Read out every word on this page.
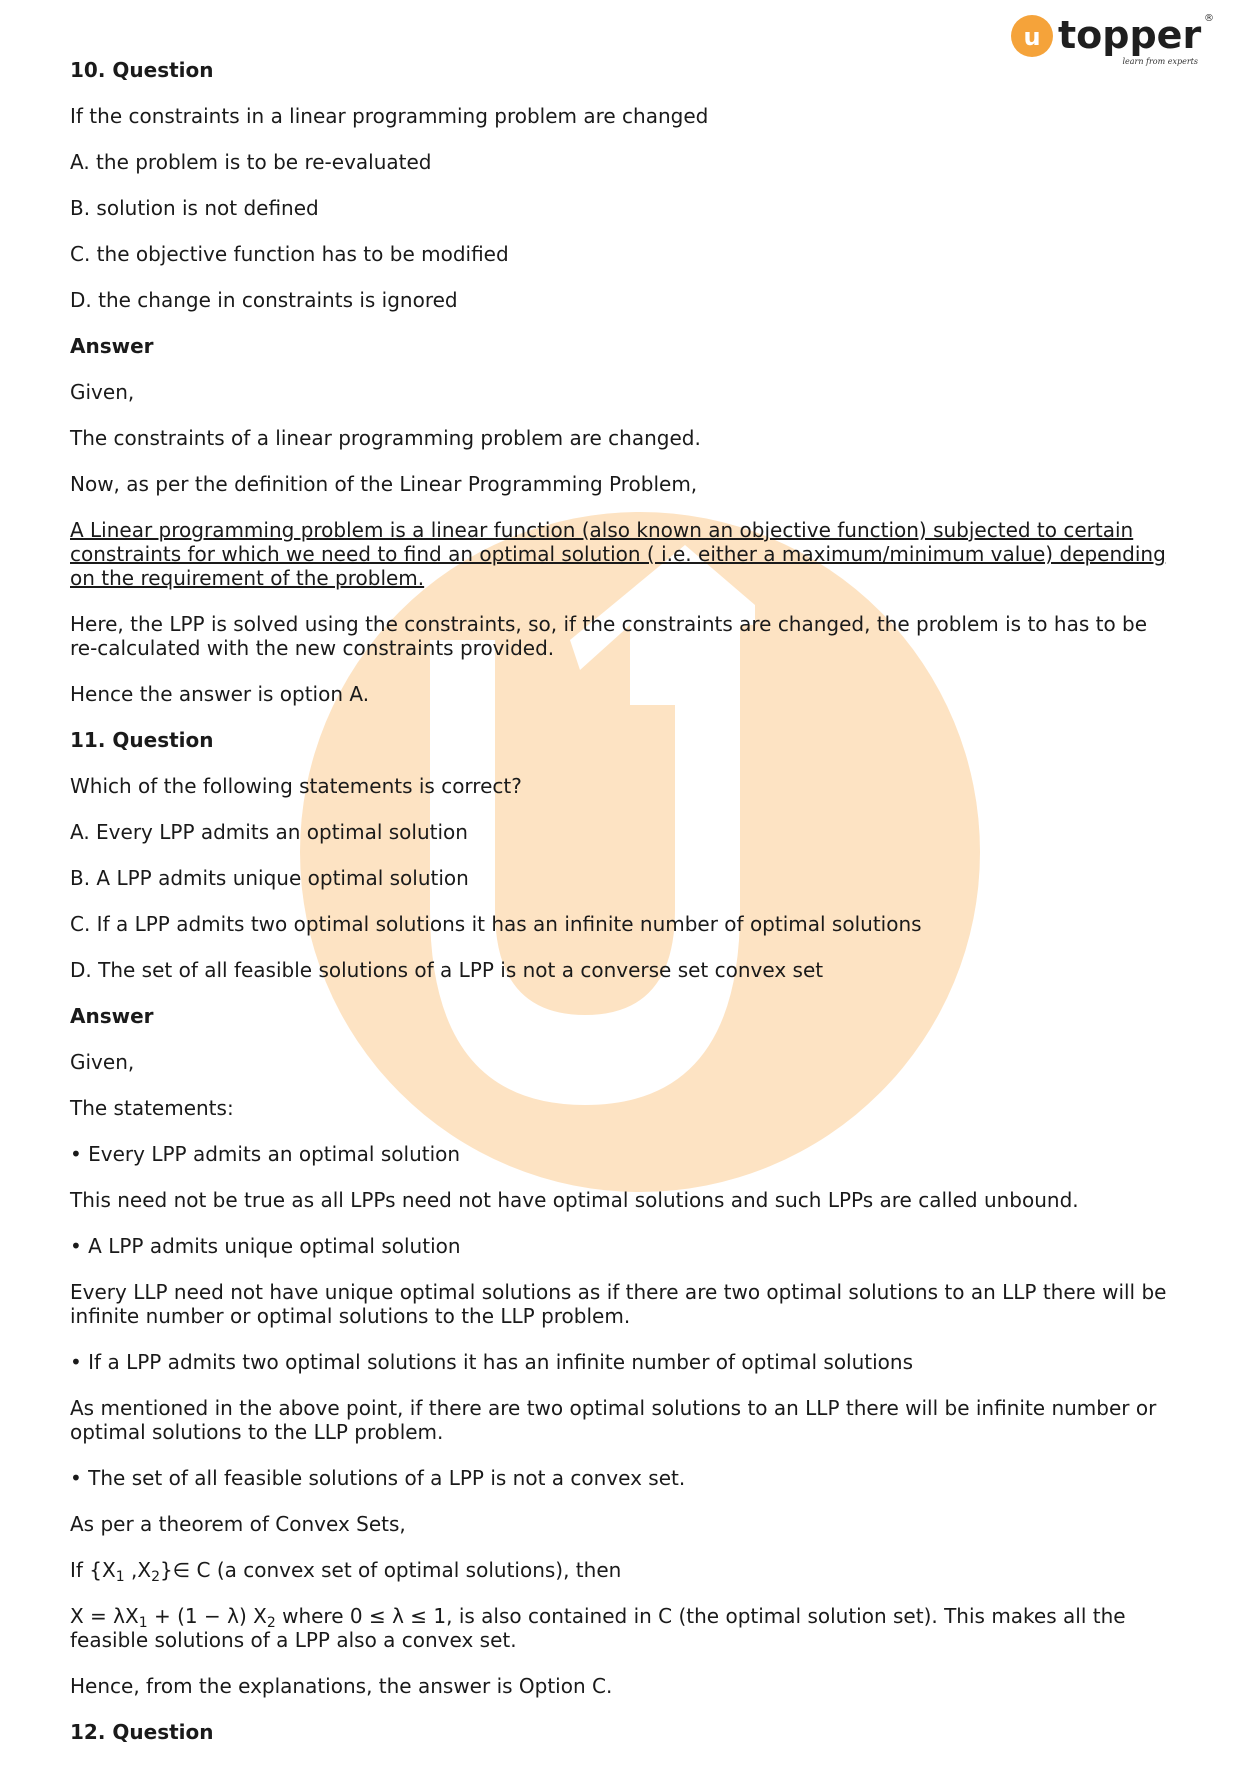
u topper
learn from experts
®

10. Question

If the constraints in a linear programming problem are changed

A. the problem is to be re-evaluated

B. solution is not defined

C. the objective function has to be modified

D. the change in constraints is ignored

Answer

Given,

The constraints of a linear programming problem are changed.

Now, as per the definition of the Linear Programming Problem,

A Linear programming problem is a linear function (also known an objective function) subjected to certain constraints for which we need to find an optimal solution ( i.e. either a maximum/minimum value) depending on the requirement of the problem.

Here, the LPP is solved using the constraints, so, if the constraints are changed, the problem is to has to be re-calculated with the new constraints provided.

Hence the answer is option A.

11. Question

Which of the following statements is correct?

A. Every LPP admits an optimal solution

B. A LPP admits unique optimal solution

C. If a LPP admits two optimal solutions it has an infinite number of optimal solutions

D. The set of all feasible solutions of a LPP is not a converse set convex set

Answer

Given,

The statements:

• Every LPP admits an optimal solution

This need not be true as all LPPs need not have optimal solutions and such LPPs are called unbound.

• A LPP admits unique optimal solution

Every LLP need not have unique optimal solutions as if there are two optimal solutions to an LLP there will be infinite number or optimal solutions to the LLP problem.

• If a LPP admits two optimal solutions it has an infinite number of optimal solutions

As mentioned in the above point, if there are two optimal solutions to an LLP there will be infinite number or optimal solutions to the LLP problem.

• The set of all feasible solutions of a LPP is not a convex set.

As per a theorem of Convex Sets,

If {$X_1$ $,X_2\}\in$ C (a convex set of optimal solutions), then

$X = \lambda X_1 + (1 - \lambda)$ $X_2$ where 0 ≤ λ ≤ 1, is also contained in C (the optimal solution set). This makes all the feasible solutions of a LPP also a convex set.

Hence, from the explanations, the answer is Option C.

12. Question
